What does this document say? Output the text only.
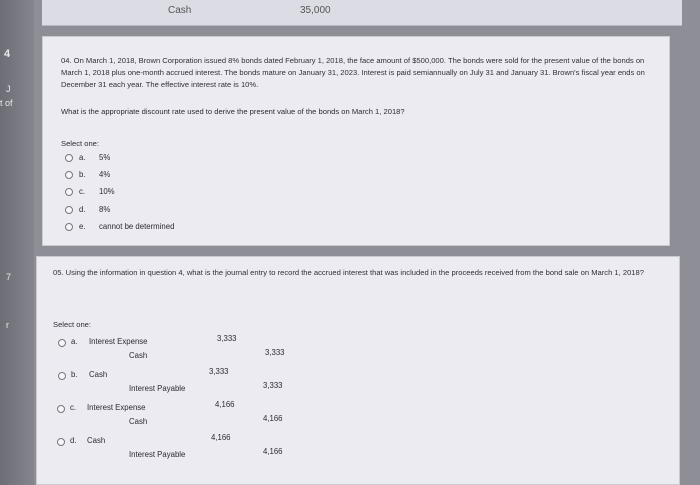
4
J
t of
7
r
Cash	35,000
04. On March 1, 2018, Brown Corporation issued 8% bonds dated February 1, 2018, the face amount of $500,000. The bonds were sold for the present value of the bonds on March 1, 2018 plus one-month accrued interest. The bonds mature on January 31, 2023. Interest is paid semiannually on July 31 and January 31. Brown's fiscal year ends on December 31 each year. The effective interest rate is 10%.
What is the appropriate discount rate used to derive the present value of the bonds on March 1, 2018?
Select one:
a.	5%
b.	4%
c.	10%
d.	8%
e.	cannot be determined
05. Using the information in question 4, what is the journal entry to record the accrued interest that was included in the proceeds received from the bond sale on March 1, 2018?
Select one:
a. Interest Expense	3,333
Cash	3,333
b. Cash	3,333
Interest Payable	3,333
c. Interest Expense	4,166
Cash	4,166
d. Cash	4,166
Interest Payable	4,166
